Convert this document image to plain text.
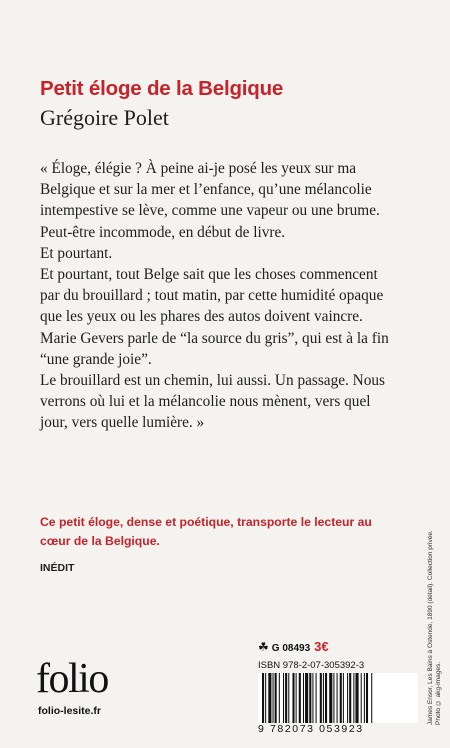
Petit éloge de la Belgique
Grégoire Polet

« Éloge, élégie ? À peine ai-je posé les yeux sur ma

Belgique et sur la mer et l’enfance, qu’une mélancolie

intempestive se lève, comme une vapeur ou une brume.

Peut-être incommode, en début de livre.

Et pourtant.

Et pourtant, tout Belge sait que les choses commencent

par du brouillard ; tout matin, par cette humidité opaque

que les yeux ou les phares des autos doivent vaincre.

Marie Gevers parle de “la source du gris”, qui est à la fin

“une grande joie”.

Le brouillard est un chemin, lui aussi. Un passage. Nous

verrons où lui et la mélancolie nous mènent, vers quel

jour, vers quelle lumière. »

Ce petit éloge, dense et poétique, transporte le lecteur au cœur de la Belgique.
INÉDIT
folio
folio-lesite.fr
☘ G 08493 3€
ISBN 978-2-07-305392-3
9 782073 053923
James Ensor, Les Bains à Ostende, 1890 (détail). Collection privée.
Photo © akg-images.
